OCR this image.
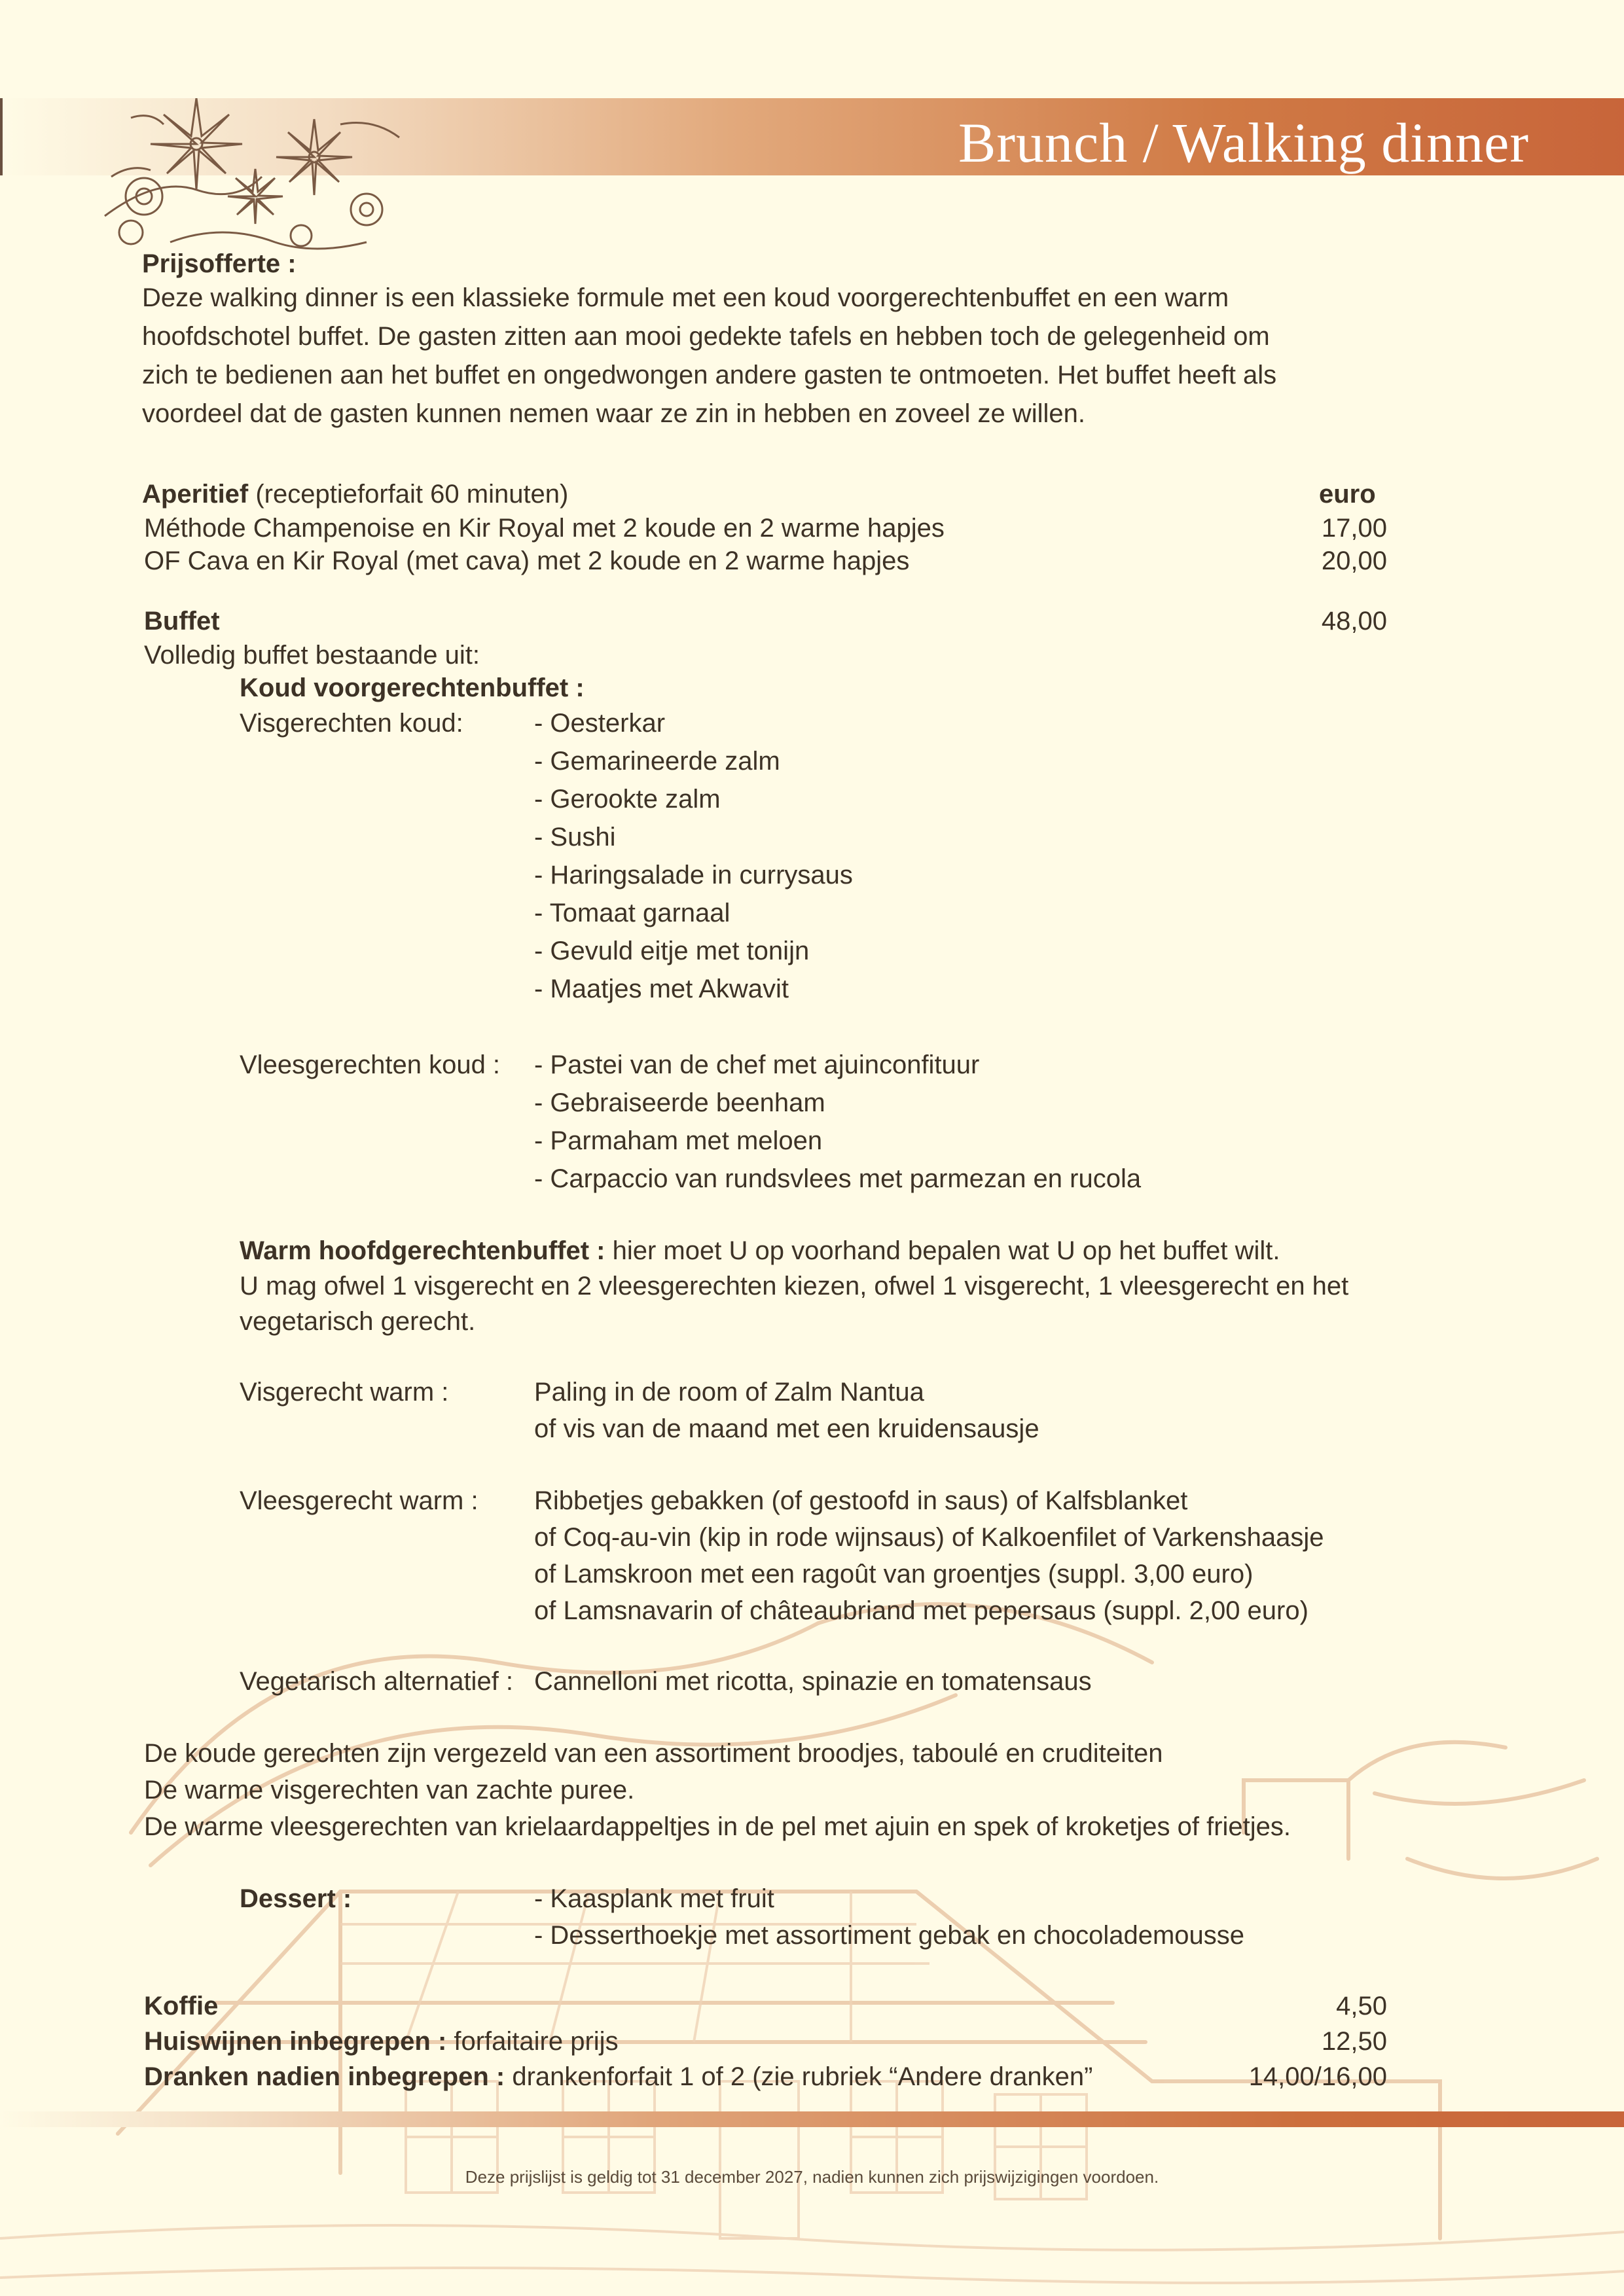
Brunch / Walking dinner
Prijsofferte :
Deze walking dinner is een klassieke formule met een koud voorgerechtenbuffet en een warm
hoofdschotel buffet. De gasten zitten aan mooi gedekte tafels en hebben toch de gelegenheid om
zich te bedienen aan het buffet en ongedwongen andere gasten te ontmoeten. Het buffet heeft als
voordeel dat de gasten kunnen nemen waar ze zin in hebben en zoveel ze willen.
Aperitief (receptieforfait 60 minuten)	euro
Méthode Champenoise en Kir Royal met 2 koude en 2 warme hapjes	17,00
OF Cava en Kir Royal (met cava) met 2 koude en 2 warme hapjes	20,00
Buffet	48,00
Volledig buffet bestaande uit:
Koud voorgerechtenbuffet :
Visgerechten koud:	- Oesterkar
- Gemarineerde zalm
- Gerookte zalm
- Sushi
- Haringsalade in currysaus
- Tomaat garnaal
- Gevuld eitje met tonijn
- Maatjes met Akwavit
Vleesgerechten koud : - Pastei van de chef met ajuinconfituur
- Gebraiseerde beenham
- Parmaham met meloen
- Carpaccio van rundsvlees met parmezan en rucola
Warm hoofdgerechtenbuffet : hier moet U op voorhand bepalen wat U op het buffet wilt.
U mag ofwel 1 visgerecht en 2 vleesgerechten kiezen, ofwel 1 visgerecht, 1 vleesgerecht en het
vegetarisch gerecht.
Visgerecht warm :	Paling in de room of Zalm Nantua
of vis van de maand met een kruidensausje
Vleesgerecht warm : Ribbetjes gebakken (of gestoofd in saus) of Kalfsblanket
of Coq-au-vin (kip in rode wijnsaus) of Kalkoenfilet of Varkenshaasje
of Lamskroon met een ragoût van groentjes (suppl. 3,00 euro)
of Lamsnavarin of châteaubriand met pepersaus (suppl. 2,00 euro)
Vegetarisch alternatief : Cannelloni met ricotta, spinazie en tomatensaus
De koude gerechten zijn vergezeld van een assortiment broodjes, taboulé en cruditeiten
De warme visgerechten van zachte puree.
De warme vleesgerechten van krielaardappeltjes in de pel met ajuin en spek of kroketjes of frietjes.
Dessert :	- Kaasplank met fruit
- Desserthoekje met assortiment gebak en chocolademousse
Koffie	4,50
Huiswijnen inbegrepen : forfaitaire prijs	12,50
Dranken nadien inbegrepen : drankenforfait 1 of 2 (zie rubriek “Andere dranken”	14,00/16,00
Deze prijslijst is geldig tot 31 december 2027, nadien kunnen zich prijswijzigingen voordoen.
